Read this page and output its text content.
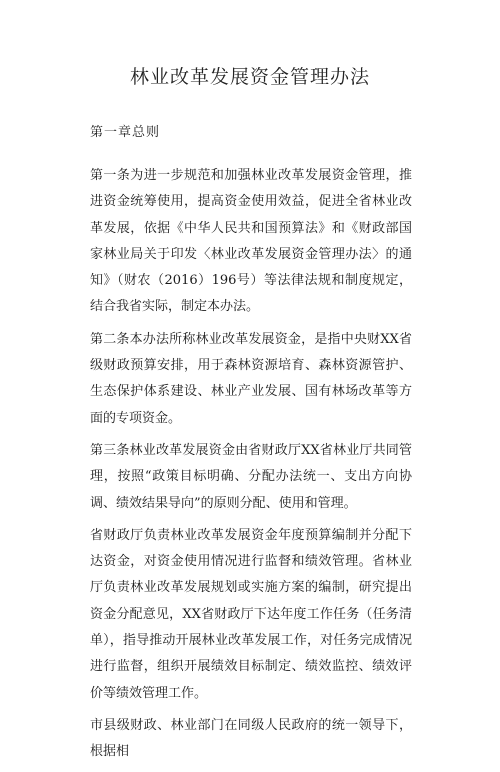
林业改革发展资金管理办法
第一章总则

第一条为进一步规范和加强林业改革发展资金管理，推进资金统筹使用，提高资金使用效益，促进全省林业改革发展，依据《中华人民共和国预算法》和《财政部国家林业局关于印发〈林业改革发展资金管理办法〉的通知》（财农（2016）196号）等法律法规和制度规定，结合我省实际，制定本办法。

第二条本办法所称林业改革发展资金，是指中央财XX省级财政预算安排，用于森林资源培育、森林资源管护、生态保护体系建设、林业产业发展、国有林场改革等方面的专项资金。

第三条林业改革发展资金由省财政厅XX省林业厅共同管理，按照“政策目标明确、分配办法统一、支出方向协调、绩效结果导向”的原则分配、使用和管理。

省财政厅负责林业改革发展资金年度预算编制并分配下达资金，对资金使用情况进行监督和绩效管理。省林业厅负责林业改革发展规划或实施方案的编制，研究提出资金分配意见，XX省财政厅下达年度工作任务（任务清单），指导推动开展林业改革发展工作，对任务完成情况进行监督，组织开展绩效目标制定、绩效监控、绩效评价等绩效管理工作。

市县级财政、林业部门在同级人民政府的统一领导下，根据相
